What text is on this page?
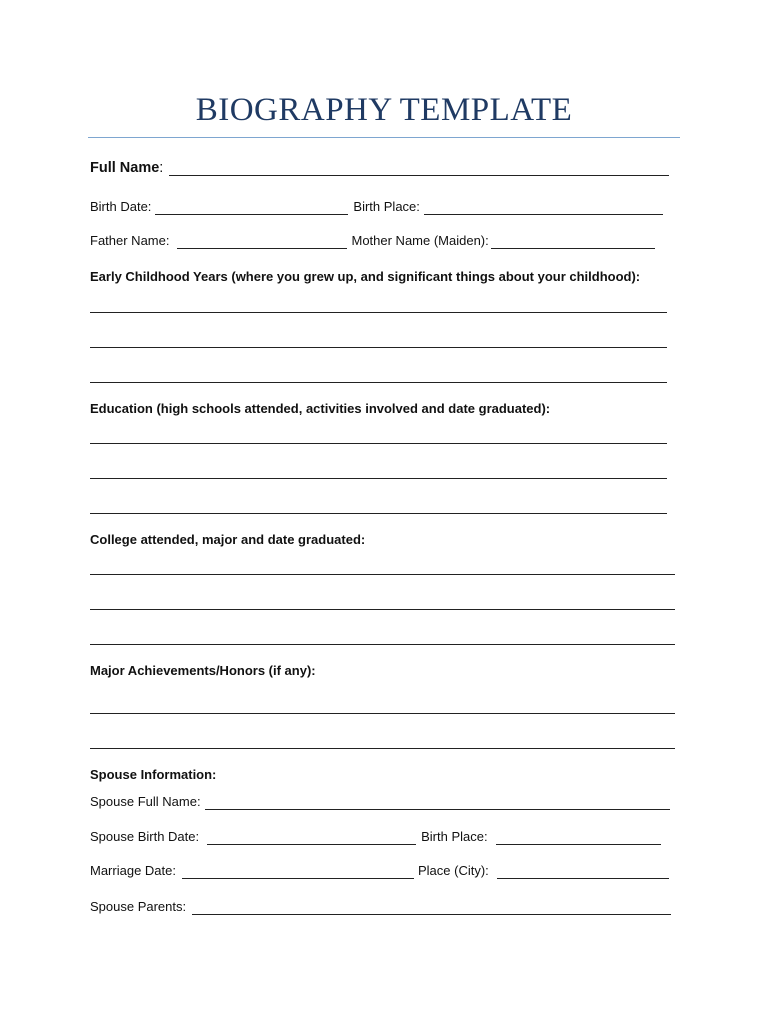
BIOGRAPHY TEMPLATE
Full Name :
Birth Date:	Birth Place:
Father Name:	Mother Name (Maiden):
Early Childhood Years (where you grew up, and significant things about your childhood):
Education (high schools attended, activities involved and date graduated):
College attended, major and date graduated:
Major Achievements/Honors (if any):
Spouse Information:
Spouse Full Name:
Spouse Birth Date:	Birth Place:
Marriage Date:	Place (City):
Spouse Parents:
